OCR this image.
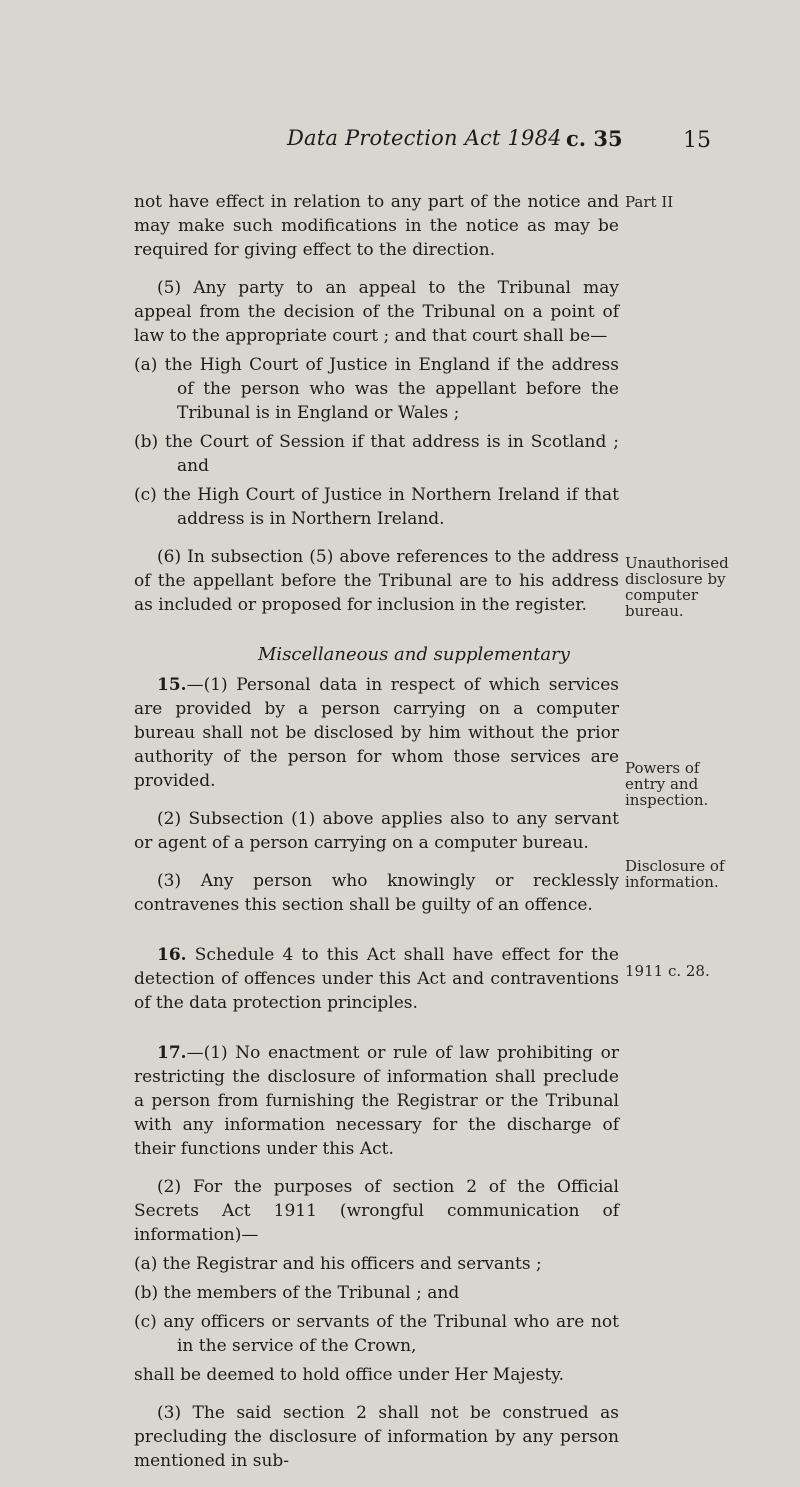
Data Protection Act 1984 c. 35	15

not have effect in relation to any part of the notice and may make such modifications in the notice as may be required for giving effect to the direction.

(5) Any party to an appeal to the Tribunal may appeal from the decision of the Tribunal on a point of law to the appropriate court ; and that court shall be—

(a) the High Court of Justice in England if the address of the person who was the appellant before the Tribunal is in England or Wales ;

(b) the Court of Session if that address is in Scotland ; and

(c) the High Court of Justice in Northern Ireland if that address is in Northern Ireland.

(6) In subsection (5) above references to the address of the appellant before the Tribunal are to his address as included or proposed for inclusion in the register.

Miscellaneous and supplementary

15.—(1) Personal data in respect of which services are provided by a person carrying on a computer bureau shall not be disclosed by him without the prior authority of the person for whom those services are provided.

(2) Subsection (1) above applies also to any servant or agent of a person carrying on a computer bureau.

(3) Any person who knowingly or recklessly contravenes this section shall be guilty of an offence.

16. Schedule 4 to this Act shall have effect for the detection of offences under this Act and contraventions of the data protection principles.

17.—(1) No enactment or rule of law prohibiting or restricting the disclosure of information shall preclude a person from furnishing the Registrar or the Tribunal with any information necessary for the discharge of their functions under this Act.

(2) For the purposes of section 2 of the Official Secrets Act 1911 (wrongful communication of information)—

(a) the Registrar and his officers and servants ;

(b) the members of the Tribunal ; and

(c) any officers or servants of the Tribunal who are not in the service of the Crown,

shall be deemed to hold office under Her Majesty.

(3) The said section 2 shall not be construed as precluding the disclosure of information by any person mentioned in sub-

Part II
Unauthorised disclosure by computer bureau.
Powers of entry and inspection.
Disclosure of information.
1911 c. 28.
